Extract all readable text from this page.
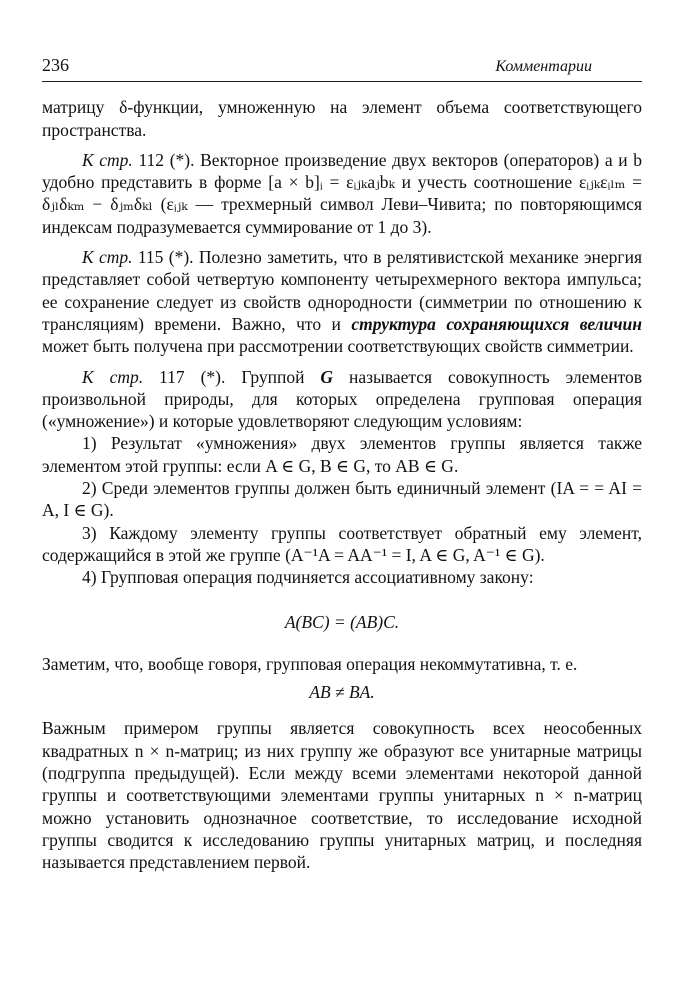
236	Комментарии

матрицу δ-функции, умноженную на элемент объема соответствующего пространства.

К стр. 112 (*). Векторное произведение двух векторов (операторов) a и b удобно представить в форме [a × b]ᵢ = εᵢⱼₖaⱼbₖ и учесть соотношение εᵢⱼₖεᵢₗₘ = δⱼₗδₖₘ − δⱼₘδₖₗ (εᵢⱼₖ — трехмерный символ Леви–Чивита; по повторяющимся индексам подразумевается суммирование от 1 до 3).

К стр. 115 (*). Полезно заметить, что в релятивистской механике энергия представляет собой четвертую компоненту четырехмерного вектора импульса; ее сохранение следует из свойств однородности (симметрии по отношению к трансляциям) времени. Важно, что и структура сохраняющихся величин может быть получена при рассмотрении соответствующих свойств симметрии.

К стр. 117 (*). Группой G называется совокупность элементов произвольной природы, для которых определена групповая операция («умножение») и которые удовлетворяют следующим условиям:

1) Результат «умножения» двух элементов группы является также элементом этой группы: если A ∈ G, B ∈ G, то AB ∈ G.

2) Среди элементов группы должен быть единичный элемент (IA = = AI = A, I ∈ G).

3) Каждому элементу группы соответствует обратный ему элемент, содержащийся в этой же группе (A⁻¹A = AA⁻¹ = I, A ∈ G, A⁻¹ ∈ G).

4) Групповая операция подчиняется ассоциативному закону:

A(BC) = (AB)C.

Заметим, что, вообще говоря, групповая операция некоммутативна, т. е.

AB ≠ BA.

Важным примером группы является совокупность всех неособенных квадратных n × n-матриц; из них группу же образуют все унитарные матрицы (подгруппа предыдущей). Если между всеми элементами некоторой данной группы и соответствующими элементами группы унитарных n × n-матриц можно установить однозначное соответствие, то исследование исходной группы сводится к исследованию группы унитарных матриц, и последняя называется представлением первой.
